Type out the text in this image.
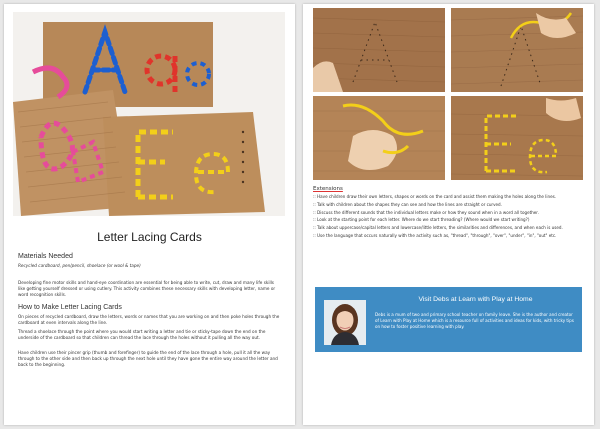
Letter Lacing Cards
Materials Needed
Recycled cardboard, pen/pencil, shoelace (or wool & tape)
Developing fine motor skills and hand-eye coordination are essential for being able to write, cut, draw and many life skills like getting yourself dressed or using cutlery. This activity combines these necessary skills with developing letter, name or word recognition skills.
How to Make Letter Lacing Cards
On pieces of recycled cardboard, draw the letters, words or names that you are working on and then poke holes through the cardboard at even intervals along the line.
Thread a shoelace through the point where you would start writing a letter and tie or sticky-tape down the end on the underside of the cardboard so that children can thread the lace through the holes without it pulling all the way out.
Have children use their pincer grip (thumb and forefinger) to guide the end of the lace through a hole, pull it all the way through to the other side and then back up through the next hole until they have gone the entire way around the letter and back to the beginning.
Extensions
:: Have children draw their own letters, shapes or words on the card and assist them making the holes along the lines.
:: Talk with children about the shapes they can see and how the lines are straight or curved.
:: Discuss the different sounds that the individual letters make or how they sound when in a word all together.
:: Look at the starting point for each letter. Where do we start threading? (Where would we start writing?)
:: Talk about uppercase/capital letters and lowercase/little letters, the similarities and differences, and when each is used.
:: Use the language that occurs naturally with the activity such as, "thread", "through", "over", "under", "in", "out" etc.
Visit Debs at Learn with Play at Home
Debs is a mum of two and primary school teacher on family leave. She is the author and creator of Learn with Play at Home which is a resource full of activities and ideas for kids, with tricky tips on how to foster positive learning with play.
